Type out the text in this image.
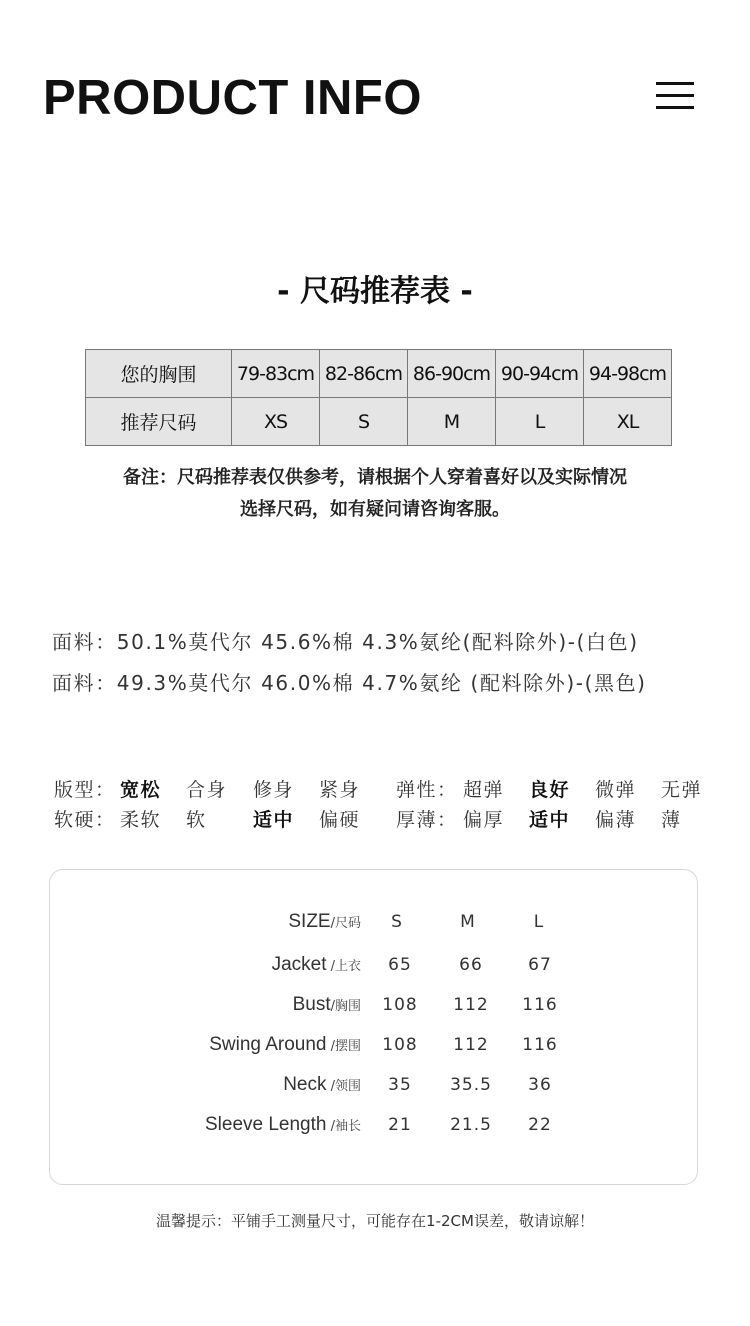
PRODUCT INFO
- 尺码推荐表 -
您的胸围	79-83cm	82-86cm	86-90cm	90-94cm	94-98cm
推荐尺码	XS	S	M	L	XL
备注：尺码推荐表仅供参考，请根据个人穿着喜好以及实际情况
选择尺码，如有疑问请咨询客服。
面料：50.1%莫代尔 45.6%棉 4.3%氨纶(配料除外)-(白色)
面料：49.3%莫代尔 46.0%棉 4.7%氨纶 (配料除外)-(黑色)
版型： 宽松 合身 修身 紧身 弹性： 超弹 良好 微弹 无弹
软硬： 柔软 软 适中 偏硬 厚薄： 偏厚 适中 偏薄 薄
SIZE/尺码	S	M	L
Jacket /上衣	65	66	67
Bust/胸围	108	112	116
Swing Around /摆围	108	112	116
Neck /领围	35	35.5	36
Sleeve Length /袖长	21	21.5	22
温馨提示：平铺手工测量尺寸，可能存在1-2CM误差，敬请谅解！
